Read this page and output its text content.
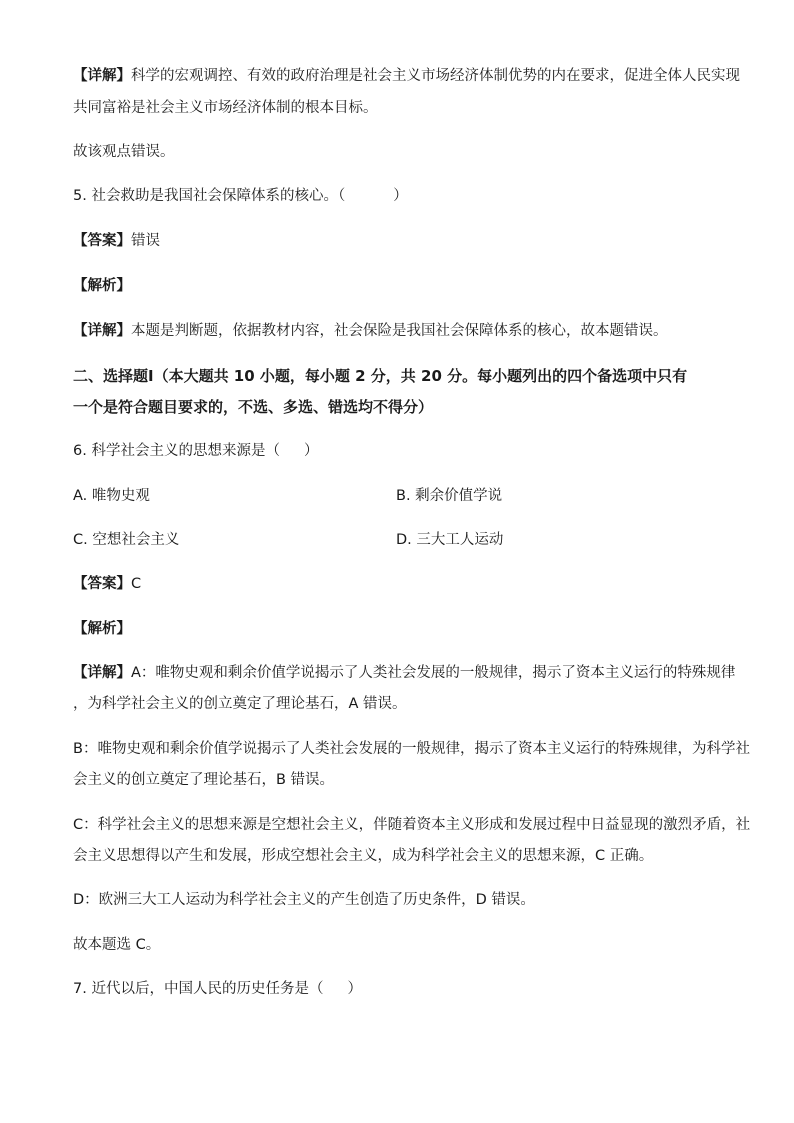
【详解】科学的宏观调控、有效的政府治理是社会主义市场经济体制优势的内在要求，促进全体人民实现
共同富裕是社会主义市场经济体制的根本目标。
故该观点错误。
5. 社会救助是我国社会保障体系的核心。（	）
【答案】错误
【解析】
【详解】本题是判断题，依据教材内容，社会保险是我国社会保障体系的核心，故本题错误。
二、选择题Ⅰ（本大题共 10 小题，每小题 2 分，共 20 分。每小题列出的四个备选项中只有
一个是符合题目要求的，不选、多选、错选均不得分）
6. 科学社会主义的思想来源是（ ）
A. 唯物史观	B. 剩余价值学说
C. 空想社会主义	D. 三大工人运动
【答案】C
【解析】
【详解】A：唯物史观和剩余价值学说揭示了人类社会发展的一般规律，揭示了资本主义运行的特殊规律
，为科学社会主义的创立奠定了理论基石，A 错误。
B：唯物史观和剩余价值学说揭示了人类社会发展的一般规律，揭示了资本主义运行的特殊规律，为科学社
会主义的创立奠定了理论基石，B 错误。
C：科学社会主义的思想来源是空想社会主义，伴随着资本主义形成和发展过程中日益显现的激烈矛盾，社
会主义思想得以产生和发展，形成空想社会主义，成为科学社会主义的思想来源，C 正确。
D：欧洲三大工人运动为科学社会主义的产生创造了历史条件，D 错误。
故本题选 C。
7. 近代以后，中国人民的历史任务是（ ）
